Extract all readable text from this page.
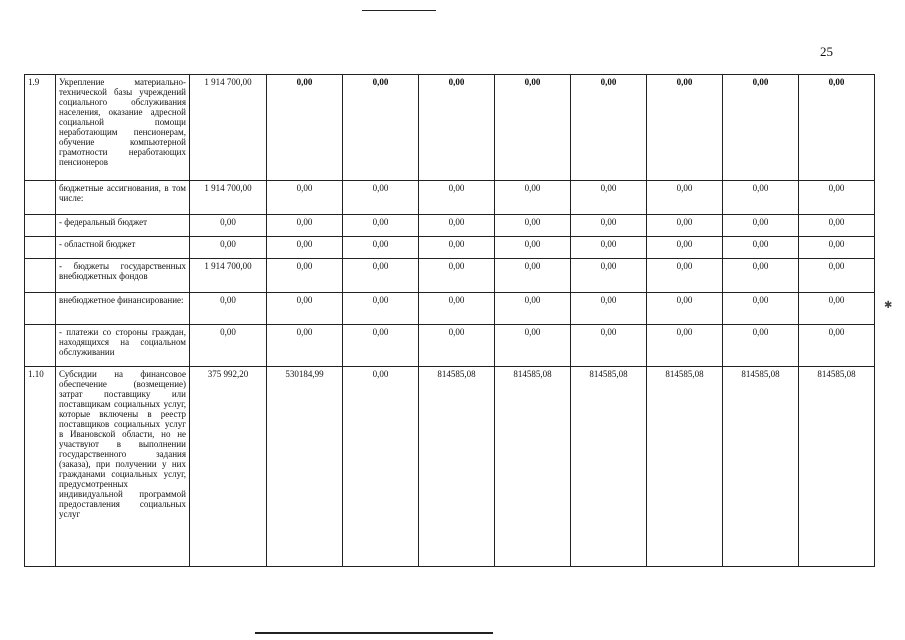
25
✱
1.9	Укрепление материально-технической базы учреждений социального обслуживания населения, оказание адресной социальной помощи неработающим пенсионерам, обучение компьютерной грамотности неработающих пенсионеров	1 914 700,00	0,00	0,00	0,00	0,00	0,00	0,00	0,00	0,00
	бюджетные ассигнования, в том числе:	1 914 700,00	0,00	0,00	0,00	0,00	0,00	0,00	0,00	0,00
	- федеральный бюджет	0,00	0,00	0,00	0,00	0,00	0,00	0,00	0,00	0,00
	- областной бюджет	0,00	0,00	0,00	0,00	0,00	0,00	0,00	0,00	0,00
	- бюджеты государственных внебюджетных фондов	1 914 700,00	0,00	0,00	0,00	0,00	0,00	0,00	0,00	0,00
	внебюджетное финансирование:	0,00	0,00	0,00	0,00	0,00	0,00	0,00	0,00	0,00
	- платежи со стороны граждан, находящихся на социальном обслуживании	0,00	0,00	0,00	0,00	0,00	0,00	0,00	0,00	0,00
1.10	Субсидии на финансовое обеспечение (возмещение) затрат поставщику или поставщикам социальных услуг, которые включены в реестр поставщиков социальных услуг в Ивановской области, но не участвуют в выполнении государственного задания (заказа), при получении у них гражданами социальных услуг, предусмотренных индивидуальной программой предоставления социальных услуг	375 992,20	530184,99	0,00	814585,08	814585,08	814585,08	814585,08	814585,08	814585,08
